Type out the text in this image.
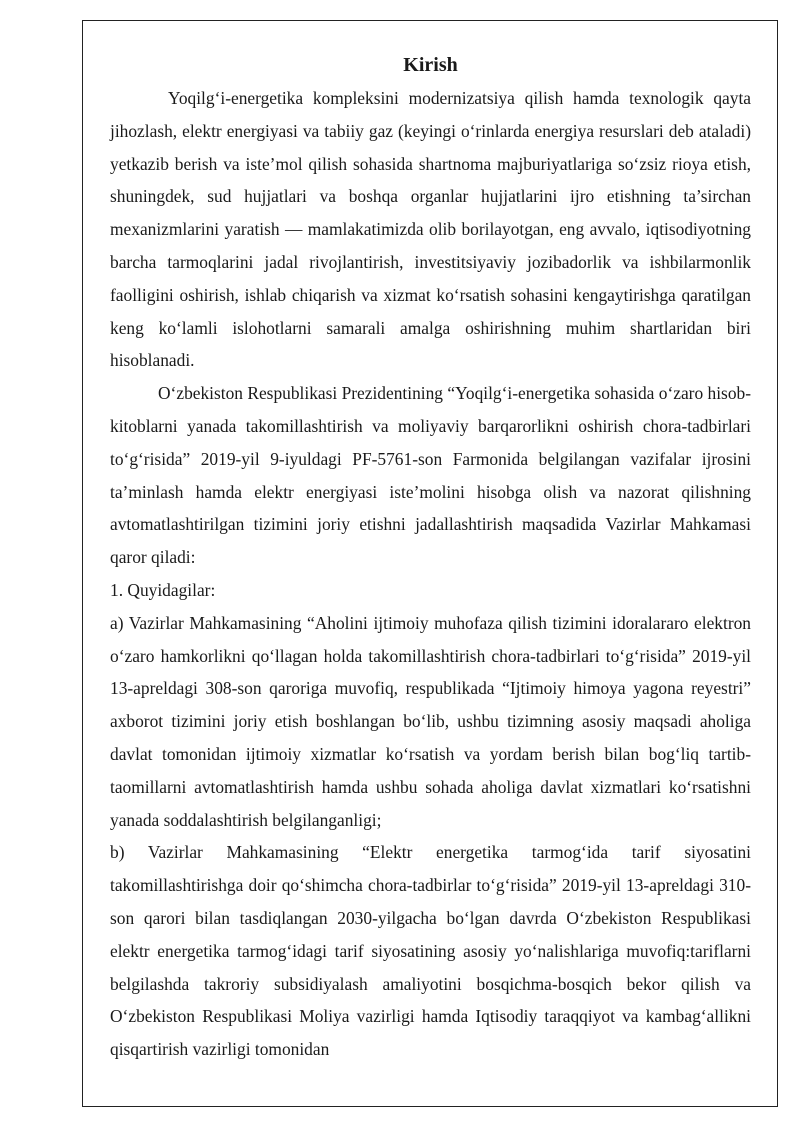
Kirish

Yoqilg‘i-energetika kompleksini modernizatsiya qilish hamda texnologik qayta jihozlash, elektr energiyasi va tabiiy gaz (keyingi o‘rinlarda energiya resurslari deb ataladi) yetkazib berish va iste’mol qilish sohasida shartnoma majburiyatlariga so‘zsiz rioya etish, shuningdek, sud hujjatlari va boshqa organlar hujjatlarini ijro etishning ta’sirchan mexanizmlarini yaratish — mamlakatimizda olib borilayotgan, eng avvalo, iqtisodiyotning barcha tarmoqlarini jadal rivojlantirish, investitsiyaviy jozibadorlik va ishbilarmonlik faolligini oshirish, ishlab chiqarish va xizmat ko‘rsatish sohasini kengaytirishga qaratilgan keng ko‘lamli islohotlarni samarali amalga oshirishning muhim shartlaridan biri hisoblanadi.

O‘zbekiston Respublikasi Prezidentining “Yoqilg‘i-energetika sohasida o‘zaro hisob-kitoblarni yanada takomillashtirish va moliyaviy barqarorlikni oshirish chora-tadbirlari to‘g‘risida” 2019-yil 9-iyuldagi PF-5761-son Farmonida belgilangan vazifalar ijrosini ta’minlash hamda elektr energiyasi iste’molini hisobga olish va nazorat qilishning avtomatlashtirilgan tizimini joriy etishni jadallashtirish maqsadida Vazirlar Mahkamasi qaror qiladi:

1. Quyidagilar:

a) Vazirlar Mahkamasining “Aholini ijtimoiy muhofaza qilish tizimini idoralararo elektron o‘zaro hamkorlikni qo‘llagan holda takomillashtirish chora-tadbirlari to‘g‘risida” 2019-yil 13-apreldagi 308-son qaroriga muvofiq, respublikada “Ijtimoiy himoya yagona reyestri” axborot tizimini joriy etish boshlangan bo‘lib, ushbu tizimning asosiy maqsadi aholiga davlat tomonidan ijtimoiy xizmatlar ko‘rsatish va yordam berish bilan bog‘liq tartib-taomillarni avtomatlashtirish hamda ushbu sohada aholiga davlat xizmatlari ko‘rsatishni yanada soddalashtirish belgilanganligi;

b) Vazirlar Mahkamasining “Elektr energetika tarmog‘ida tarif siyosatini takomillashtirishga doir qo‘shimcha chora-tadbirlar to‘g‘risida” 2019-yil 13-apreldagi 310-son qarori bilan tasdiqlangan 2030-yilgacha bo‘lgan davrda O‘zbekiston Respublikasi elektr energetika tarmog‘idagi tarif siyosatining asosiy yo‘nalishlariga muvofiq:tariflarni belgilashda takroriy subsidiyalash amaliyotini bosqichma-bosqich bekor qilish va O‘zbekiston Respublikasi Moliya vazirligi hamda Iqtisodiy taraqqiyot va kambag‘allikni qisqartirish vazirligi tomonidan
